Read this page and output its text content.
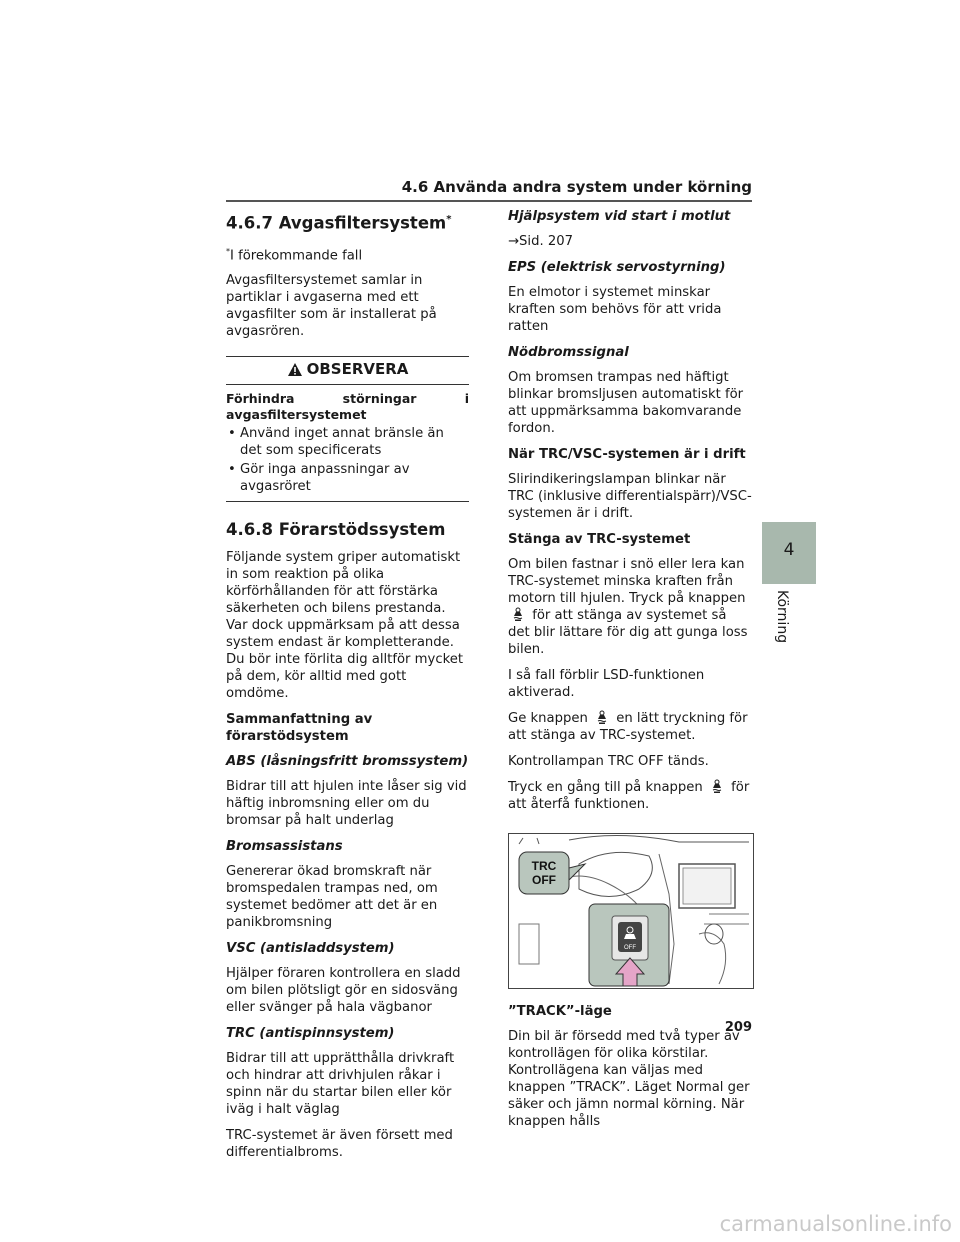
4.6 Använda andra system under körning
4.6.7 Avgasfiltersystem*

*I förekommande fall

Avgasfiltersystemet samlar in partiklar i avgaserna med ett avgasfilter som är installerat på avgasrören.

OBSERVERA
Förhindra	störningar	i
avgasfiltersystemet
• Använd inget annat bränsle än det som specificerats
• Gör inga anpassningar av avgasröret
4.6.8 Förarstödssystem

Följande system griper automatiskt in som reaktion på olika körförhållanden för att förstärka säkerheten och bilens prestanda. Var dock uppmärksam på att dessa system endast är kompletterande. Du bör inte förlita dig alltför mycket på dem, kör alltid med gott omdöme.

Sammanfattning av förarstödsystem

ABS (låsningsfritt bromssystem)

Bidrar till att hjulen inte låser sig vid häftig inbromsning eller om du bromsar på halt underlag

Bromsassistans

Genererar ökad bromskraft när bromspedalen trampas ned, om systemet bedömer att det är en panikbromsning

VSC (antisladdsystem)

Hjälper föraren kontrollera en sladd om bilen plötsligt gör en sidosväng eller svänger på hala vägbanor

TRC (antispinnsystem)

Bidrar till att upprätthålla drivkraft och hindrar att drivhjulen råkar i spinn när du startar bilen eller kör iväg i halt väglag

TRC-systemet är även försett med differentialbroms.

Hjälpsystem vid start i motlut

→Sid. 207

EPS (elektrisk servostyrning)

En elmotor i systemet minskar kraften som behövs för att vrida ratten

Nödbromssignal

Om bromsen trampas ned häftigt blinkar bromsljusen automatiskt för att uppmärksamma bakomvarande fordon.

När TRC/VSC-systemen är i drift

Slirindikeringslampan blinkar när TRC (inklusive differentialspärr)/VSC-systemen är i drift.

Stänga av TRC-systemet

Om bilen fastnar i snö eller lera kan TRC-systemet minska kraften från motorn till hjulen. Tryck på knappen  för att stänga av systemet så det blir lättare för dig att gunga loss bilen.

I så fall förblir LSD-funktionen aktiverad.

Ge knappen en lätt tryckning för att stänga av TRC-systemet.

Kontrollampan TRC OFF tänds.

Tryck en gång till på knappen för att återfå funktionen.

TRC
OFF
OFF

”TRACK”-läge

Din bil är försedd med två typer av kontrollägen för olika körstilar. Kontrollägena kan väljas med knappen ”TRACK”. Läget Normal ger säker och jämn normal körning. När knappen hålls

4
Körning
209
carmanualsonline.info
